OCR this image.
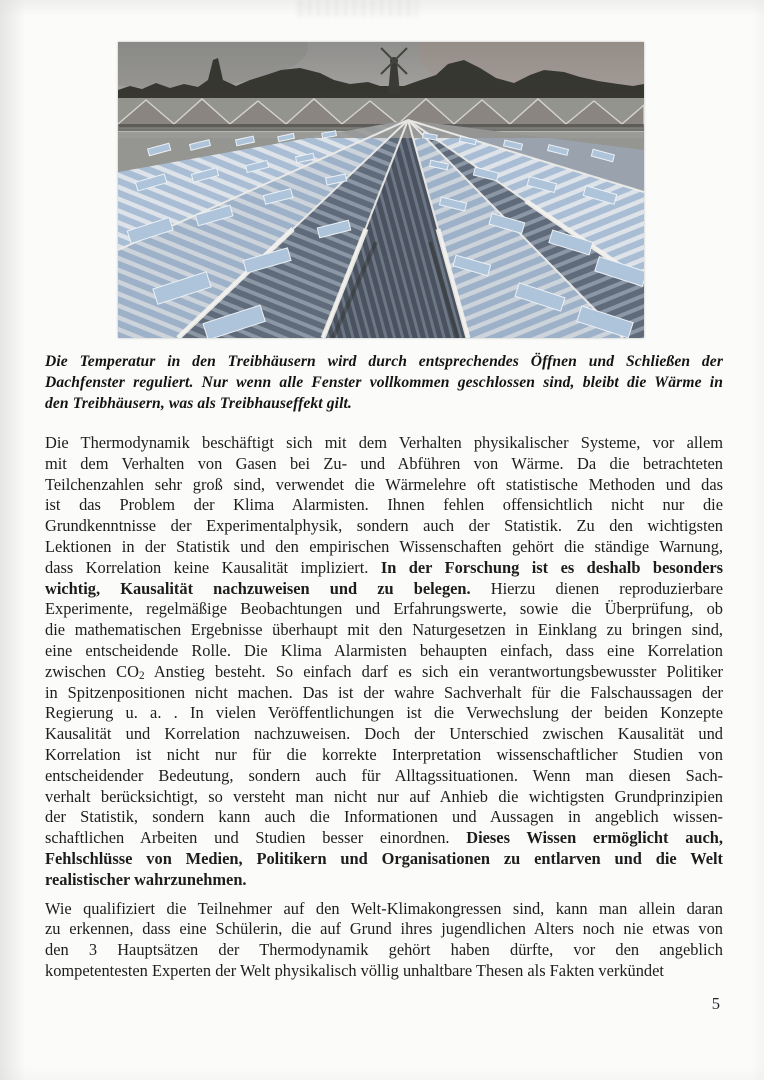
Die Temperatur in den Treibhäusern wird durch entsprechendes Öffnen und Schließen der
Dachfenster reguliert. Nur wenn alle Fenster vollkommen geschlossen sind, bleibt die Wärme in
den Treibhäusern, was als Treibhauseffekt gilt.
Die Thermodynamik beschäftigt sich mit dem Verhalten physikalischer Systeme, vor allem
mit dem Verhalten von Gasen bei Zu- und Abführen von Wärme. Da die betrachteten
Teilchenzahlen sehr groß sind, verwendet die Wärmelehre oft statistische Methoden und das
ist das Problem der Klima Alarmisten. Ihnen fehlen offensichtlich nicht nur die
Grundkenntnisse der Experimentalphysik, sondern auch der Statistik. Zu den wichtigsten
Lektionen in der Statistik und den empirischen Wissenschaften gehört die ständige Warnung,
dass Korrelation keine Kausalität impliziert. In der Forschung ist es deshalb besonders
wichtig, Kausalität nachzuweisen und zu belegen. Hierzu dienen reproduzierbare
Experimente, regelmäßige Beobachtungen und Erfahrungswerte, sowie die Überprüfung, ob
die mathematischen Ergebnisse überhaupt mit den Naturgesetzen in Einklang zu bringen sind,
eine entscheidende Rolle. Die Klima Alarmisten behaupten einfach, dass eine Korrelation
zwischen $CO_2$ Anstieg besteht. So einfach darf es sich ein verantwortungsbewusster Politiker
in Spitzenpositionen nicht machen. Das ist der wahre Sachverhalt für die Falschaussagen der
Regierung u. a. . In vielen Veröffentlichungen ist die Verwechslung der beiden Konzepte
Kausalität und Korrelation nachzuweisen. Doch der Unterschied zwischen Kausalität und
Korrelation ist nicht nur für die korrekte Interpretation wissenschaftlicher Studien von
entscheidender Bedeutung, sondern auch für Alltagssituationen. Wenn man diesen Sach-
verhalt berücksichtigt, so versteht man nicht nur auf Anhieb die wichtigsten Grundprinzipien
der Statistik, sondern kann auch die Informationen und Aussagen in angeblich wissen-
schaftlichen Arbeiten und Studien besser einordnen. Dieses Wissen ermöglicht auch,
Fehlschlüsse von Medien, Politikern und Organisationen zu entlarven und die Welt
realistischer wahrzunehmen.
Wie qualifiziert die Teilnehmer auf den Welt-Klimakongressen sind, kann man allein daran
zu erkennen, dass eine Schülerin, die auf Grund ihres jugendlichen Alters noch nie etwas von
den 3 Hauptsätzen der Thermodynamik gehört haben dürfte, vor den angeblich
kompetentesten Experten der Welt physikalisch völlig unhaltbare Thesen als Fakten verkündet
5
